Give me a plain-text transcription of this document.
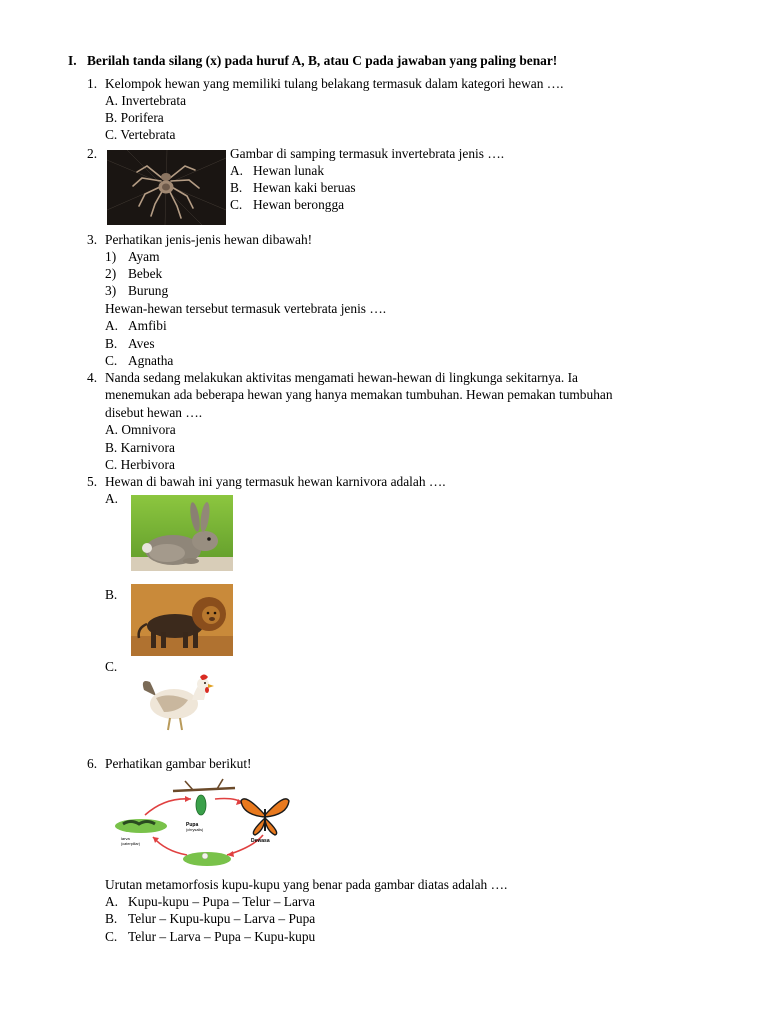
I. Berilah tanda silang (x) pada huruf A, B, atau C pada jawaban yang paling benar!
1. Kelompok hewan yang memiliki tulang belakang termasuk dalam kategori hewan ….
A. Invertebrata
B. Porifera
C. Vertebrata
2.	Gambar di samping termasuk invertebrata jenis ….
A. Hewan lunak
B. Hewan kaki beruas
C. Hewan berongga
3. Perhatikan jenis-jenis hewan dibawah!
1) Ayam
2) Bebek
3) Burung
Hewan-hewan tersebut termasuk vertebrata jenis ….
A. Amfibi
B. Aves
C. Agnatha
4. Nanda sedang melakukan aktivitas mengamati hewan-hewan di lingkunga sekitarnya. Ia
menemukan ada beberapa hewan yang hanya memakan tumbuhan. Hewan pemakan tumbuhan
disebut hewan ….
A. Omnivora
B. Karnivora
C. Herbivora
5. Hewan di bawah ini yang termasuk hewan karnivora adalah ….
A.
B.
C.
6. Perhatikan gambar berikut!
Pupa
(chrysalis)
Dewasa
larva
(caterpillar)
Urutan metamorfosis kupu-kupu yang benar pada gambar diatas adalah ….
A. Kupu-kupu – Pupa – Telur – Larva
B. Telur – Kupu-kupu – Larva – Pupa
C. Telur – Larva – Pupa – Kupu-kupu
